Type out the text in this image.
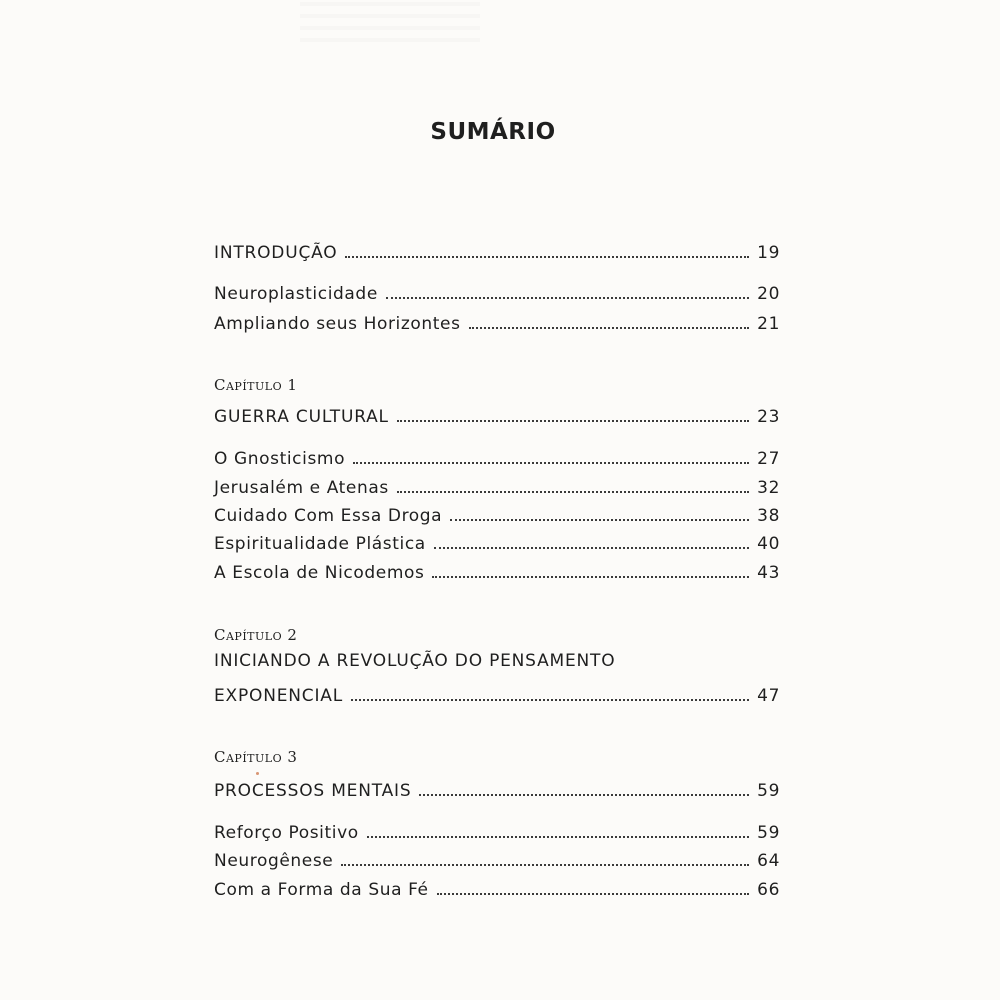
SUMÁRIO
INTRODUÇÃO	19
Neuroplasticidade	20
Ampliando seus Horizontes	21
Capítulo 1
GUERRA CULTURAL	23
O Gnosticismo	27
Jerusalém e Atenas	32
Cuidado Com Essa Droga	38
Espiritualidade Plástica	40
A Escola de Nicodemos	43
Capítulo 2
INICIANDO A REVOLUÇÃO DO PENSAMENTO
EXPONENCIAL	47
Capítulo 3
PROCESSOS MENTAIS	59
Reforço Positivo	59
Neurogênese	64
Com a Forma da Sua Fé	66
